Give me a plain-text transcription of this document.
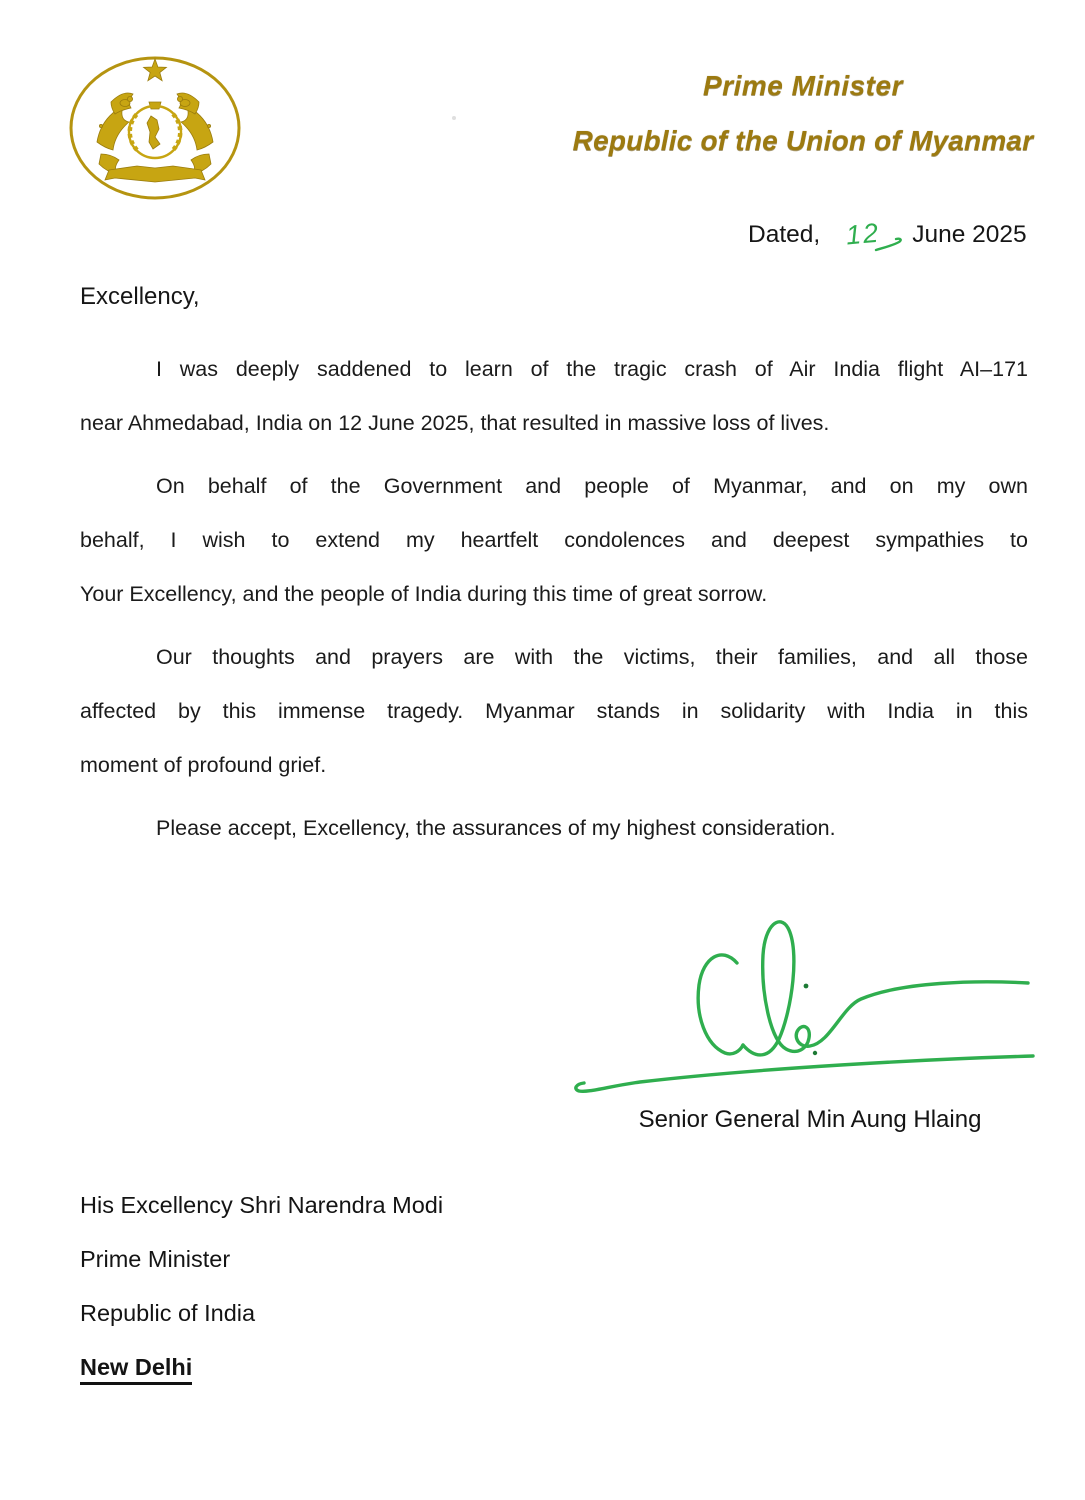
Prime Minister
Republic of the Union of Myanmar
Dated, 12 June 2025
Excellency,
I was deeply saddened to learn of the tragic crash of Air India flight AI–171
near Ahmedabad, India on 12 June 2025, that resulted in massive loss of lives.
On behalf of the Government and people of Myanmar, and on my own
behalf, I wish to extend my heartfelt condolences and deepest sympathies to
Your Excellency, and the people of India during this time of great sorrow.
Our thoughts and prayers are with the victims, their families, and all those
affected by this immense tragedy. Myanmar stands in solidarity with India in this
moment of profound grief.
Please accept, Excellency, the assurances of my highest consideration.
Senior General Min Aung Hlaing
His Excellency Shri Narendra Modi
Prime Minister
Republic of India
New Delhi
